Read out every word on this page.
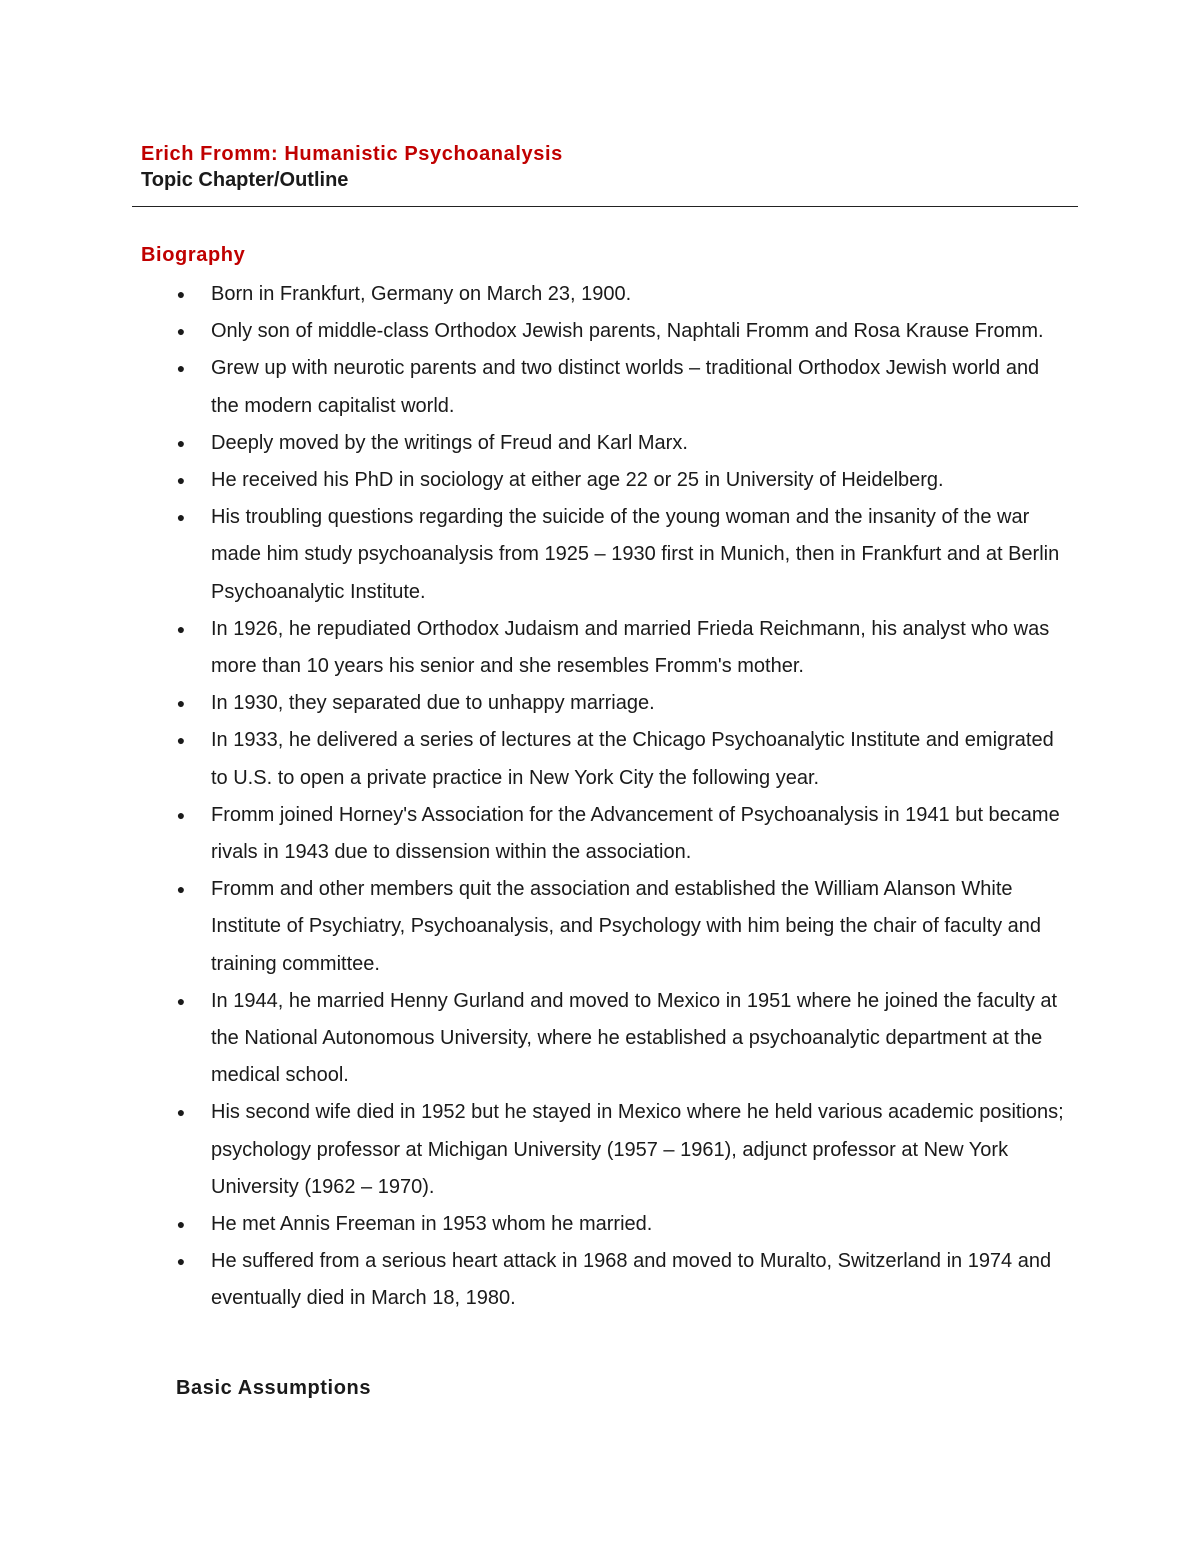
Erich Fromm: Humanistic Psychoanalysis
Topic Chapter/Outline
Biography
● Born in Frankfurt, Germany on March 23, 1900.
● Only son of middle-class Orthodox Jewish parents, Naphtali Fromm and Rosa Krause Fromm.
● Grew up with neurotic parents and two distinct worlds – traditional Orthodox Jewish world and the modern capitalist world.
● Deeply moved by the writings of Freud and Karl Marx.
● He received his PhD in sociology at either age 22 or 25 in University of Heidelberg.
● His troubling questions regarding the suicide of the young woman and the insanity of the war made him study psychoanalysis from 1925 – 1930 first in Munich, then in Frankfurt and at Berlin Psychoanalytic Institute.
● In 1926, he repudiated Orthodox Judaism and married Frieda Reichmann, his analyst who was more than 10 years his senior and she resembles Fromm's mother.
● In 1930, they separated due to unhappy marriage.
● In 1933, he delivered a series of lectures at the Chicago Psychoanalytic Institute and emigrated to U.S. to open a private practice in New York City the following year.
● Fromm joined Horney's Association for the Advancement of Psychoanalysis in 1941 but became rivals in 1943 due to dissension within the association.
● Fromm and other members quit the association and established the William Alanson White Institute of Psychiatry, Psychoanalysis, and Psychology with him being the chair of faculty and training committee.
● In 1944, he married Henny Gurland and moved to Mexico in 1951 where he joined the faculty at the National Autonomous University, where he established a psychoanalytic department at the medical school.
● His second wife died in 1952 but he stayed in Mexico where he held various academic positions; psychology professor at Michigan University (1957 – 1961), adjunct professor at New York University (1962 – 1970).
● He met Annis Freeman in 1953 whom he married.
● He suffered from a serious heart attack in 1968 and moved to Muralto, Switzerland in 1974 and eventually died in March 18, 1980.
Basic Assumptions
